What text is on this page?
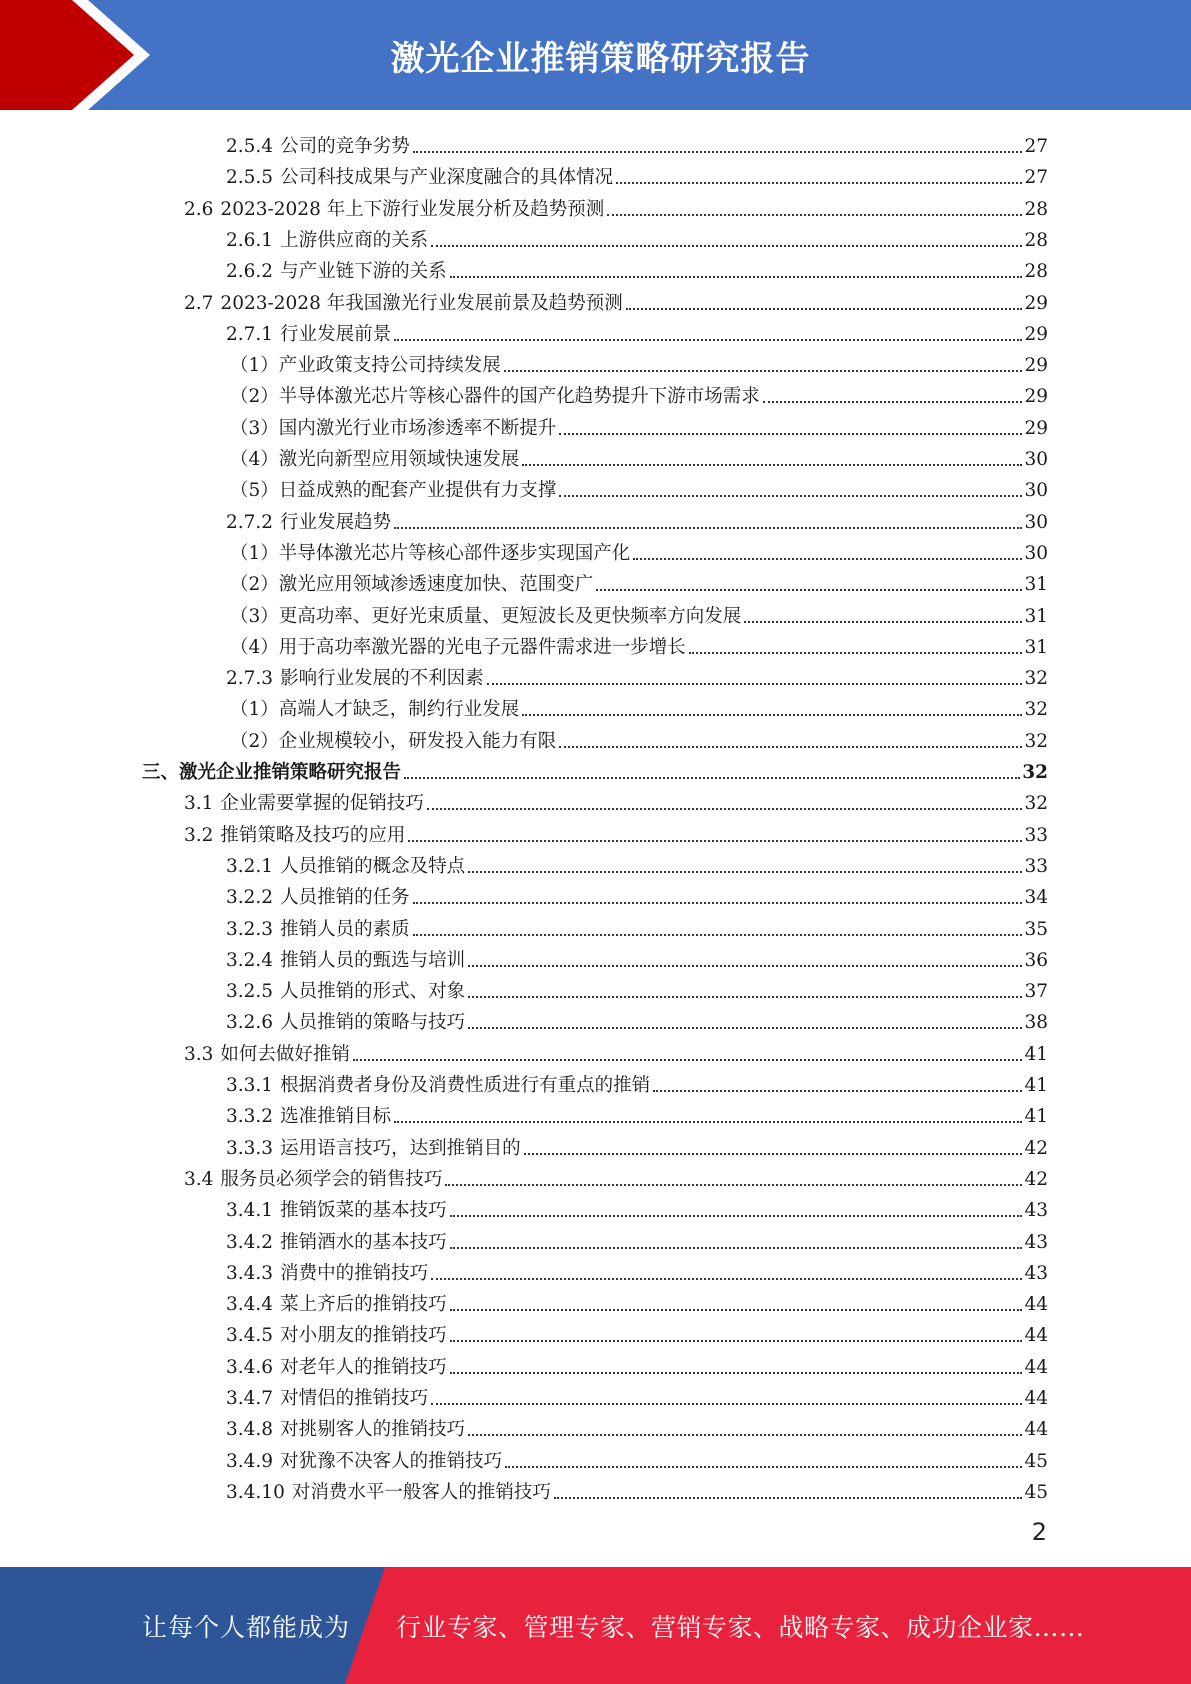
激光企业推销策略研究报告
2.5.4 公司的竞争劣势	27
2.5.5 公司科技成果与产业深度融合的具体情况	27
2.6 2023-2028 年上下游行业发展分析及趋势预测	28
2.6.1 上游供应商的关系	28
2.6.2 与产业链下游的关系	28
2.7 2023-2028 年我国激光行业发展前景及趋势预测	29
2.7.1 行业发展前景	29
（1） 产业政策支持公司持续发展	29
（2） 半导体激光芯片等核心器件的国产化趋势提升下游市场需求	29
（3） 国内激光行业市场渗透率不断提升	29
（4） 激光向新型应用领域快速发展	30
（5） 日益成熟的配套产业提供有力支撑	30
2.7.2 行业发展趋势	30
（1） 半导体激光芯片等核心部件逐步实现国产化	30
（2） 激光应用领域渗透速度加快、范围变广	31
（3） 更高功率、更好光束质量、更短波长及更快频率方向发展	31
（4） 用于高功率激光器的光电子元器件需求进一步增长	31
2.7.3 影响行业发展的不利因素	32
（1） 高端人才缺乏，制约行业发展	32
（2） 企业规模较小，研发投入能力有限	32
三、 激光企业推销策略研究报告	32
3.1 企业需要掌握的促销技巧	32
3.2 推销策略及技巧的应用	33
3.2.1 人员推销的概念及特点	33
3.2.2 人员推销的任务	34
3.2.3 推销人员的素质	35
3.2.4 推销人员的甄选与培训	36
3.2.5 人员推销的形式、对象	37
3.2.6 人员推销的策略与技巧	38
3.3 如何去做好推销	41
3.3.1 根据消费者身份及消费性质进行有重点的推销	41
3.3.2 选准推销目标	41
3.3.3 运用语言技巧，达到推销目的	42
3.4 服务员必须学会的销售技巧	42
3.4.1 推销饭菜的基本技巧	43
3.4.2 推销酒水的基本技巧	43
3.4.3 消费中的推销技巧	43
3.4.4 菜上齐后的推销技巧	44
3.4.5 对小朋友的推销技巧	44
3.4.6 对老年人的推销技巧	44
3.4.7 对情侣的推销技巧	44
3.4.8 对挑剔客人的推销技巧	44
3.4.9 对犹豫不决客人的推销技巧	45
3.4.10 对消费水平一般客人的推销技巧	45
2
让每个人都能成为 行业专家、管理专家、营销专家、战略专家、成功企业家……
